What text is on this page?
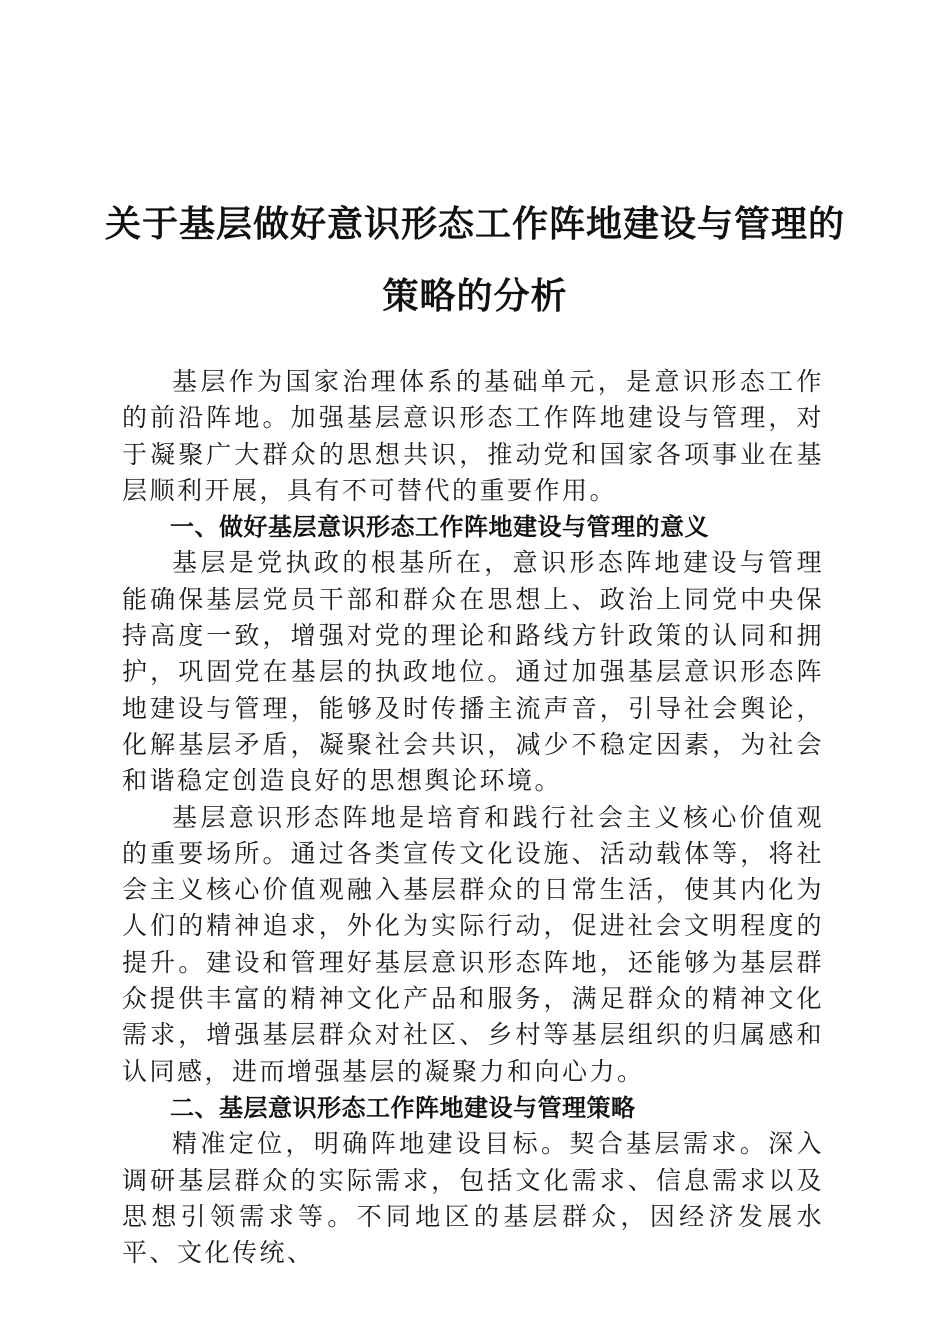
关于基层做好意识形态工作阵地建设与管理的
策略的分析

基层作为国家治理体系的基础单元，是意识形态工作的前沿阵地。加强基层意识形态工作阵地建设与管理，对于凝聚广大群众的思想共识，推动党和国家各项事业在基层顺利开展，具有不可替代的重要作用。

一、做好基层意识形态工作阵地建设与管理的意义

基层是党执政的根基所在，意识形态阵地建设与管理能确保基层党员干部和群众在思想上、政治上同党中央保持高度一致，增强对党的理论和路线方针政策的认同和拥护，巩固党在基层的执政地位。通过加强基层意识形态阵地建设与管理，能够及时传播主流声音，引导社会舆论，化解基层矛盾，凝聚社会共识，减少不稳定因素，为社会和谐稳定创造良好的思想舆论环境。

基层意识形态阵地是培育和践行社会主义核心价值观的重要场所。通过各类宣传文化设施、活动载体等，将社会主义核心价值观融入基层群众的日常生活，使其内化为人们的精神追求，外化为实际行动，促进社会文明程度的提升。建设和管理好基层意识形态阵地，还能够为基层群众提供丰富的精神文化产品和服务，满足群众的精神文化需求，增强基层群众对社区、乡村等基层组织的归属感和认同感，进而增强基层的凝聚力和向心力。

二、基层意识形态工作阵地建设与管理策略

精准定位，明确阵地建设目标。契合基层需求。深入调研基层群众的实际需求，包括文化需求、信息需求以及思想引领需求等。不同地区的基层群众，因经济发展水平、文化传统、
